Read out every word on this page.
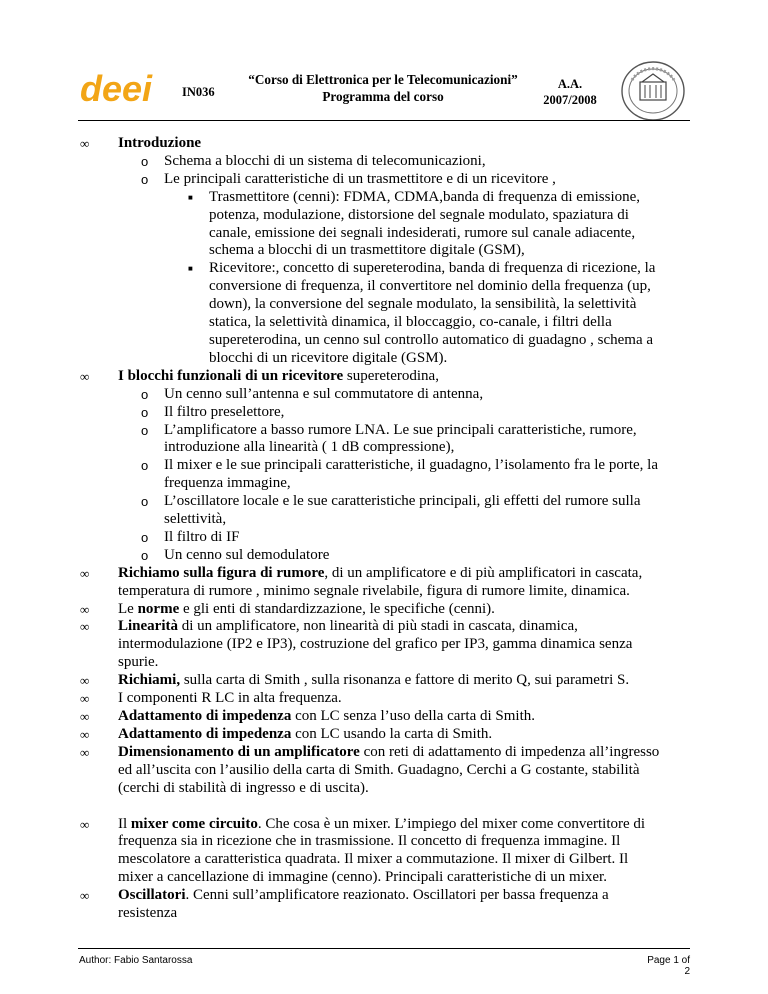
deei IN036
“Corso di Elettronica per le Telecomunicazioni”
Programma del corso
A.A.
2007/2008
∞ Introduzione
o Schema a blocchi di un sistema di telecomunicazioni,
o Le principali caratteristiche di un trasmettitore e di un ricevitore ,
■ Trasmettitore (cenni): FDMA, CDMA,banda di frequenza di emissione, potenza, modulazione, distorsione del segnale modulato, spaziatura di canale, emissione dei segnali indesiderati, rumore sul canale adiacente, schema a blocchi di un trasmettitore digitale (GSM),
■ Ricevitore:, concetto di supereterodina, banda di frequenza di ricezione, la conversione di frequenza, il convertitore nel dominio della frequenza (up, down), la conversione del segnale modulato, la sensibilità, la selettività statica, la selettività dinamica, il bloccaggio, co-canale, i filtri della supereterodina, un cenno sul controllo automatico di guadagno , schema a blocchi di un ricevitore digitale (GSM).
∞ I blocchi funzionali di un ricevitore supereterodina,
o Un cenno sull’antenna e sul commutatore di antenna,
o Il filtro preselettore,
o L’amplificatore a basso rumore LNA. Le sue principali caratteristiche, rumore, introduzione alla linearità ( 1 dB compressione),
o Il mixer e le sue principali caratteristiche, il guadagno, l’isolamento fra le porte, la frequenza immagine,
o L’oscillatore locale e le sue caratteristiche principali, gli effetti del rumore sulla selettività,
o Il filtro di IF
o Un cenno sul demodulatore
∞ Richiamo sulla figura di rumore, di un amplificatore e di più amplificatori in cascata, temperatura di rumore , minimo segnale rivelabile, figura di rumore limite, dinamica.
∞ Le norme e gli enti di standardizzazione, le specifiche (cenni).
∞ Linearità di un amplificatore, non linearità di più stadi in cascata, dinamica, intermodulazione (IP2 e IP3), costruzione del grafico per IP3, gamma dinamica senza spurie.
∞ Richiami, sulla carta di Smith , sulla risonanza e fattore di merito Q, sui parametri S.
∞ I componenti R LC in alta frequenza.
∞ Adattamento di impedenza con LC senza l’uso della carta di Smith.
∞ Adattamento di impedenza con LC usando la carta di Smith.
∞ Dimensionamento di un amplificatore con reti di adattamento di impedenza all’ingresso ed all’uscita con l’ausilio della carta di Smith. Guadagno, Cerchi a G costante, stabilità (cerchi di stabilità di ingresso e di uscita).
∞ Il mixer come circuito. Che cosa è un mixer. L’impiego del mixer come convertitore di frequenza sia in ricezione che in trasmissione. Il concetto di frequenza immagine. Il mescolatore a caratteristica quadrata. Il mixer a commutazione. Il mixer di Gilbert. Il mixer a cancellazione di immagine (cenno). Principali caratteristiche di un mixer.
∞ Oscillatori. Cenni sull’amplificatore reazionato. Oscillatori per bassa frequenza a resistenza
Author: Fabio Santarossa	Page 1 of 2
